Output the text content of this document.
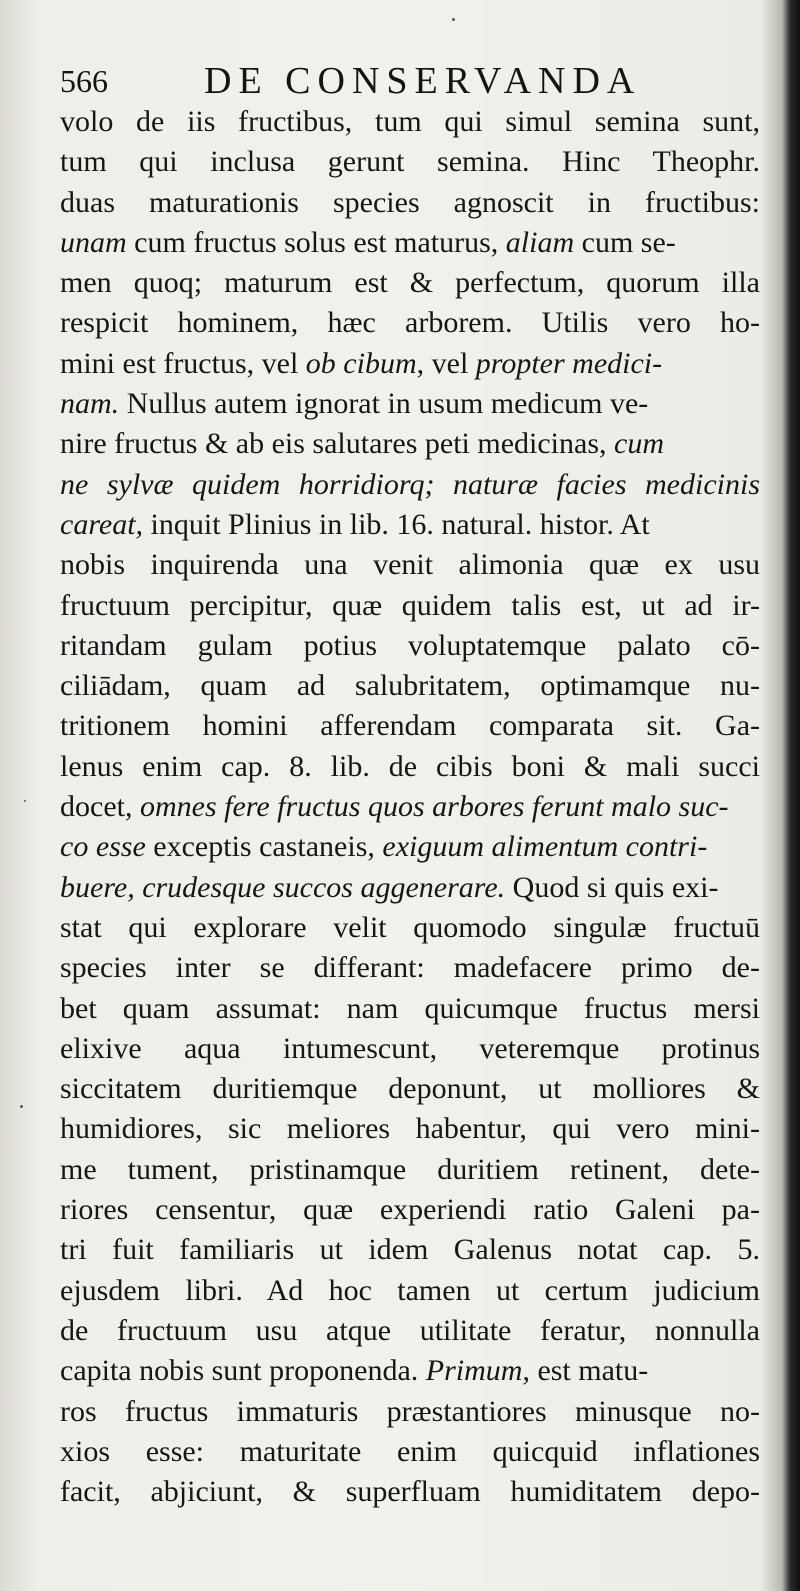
566	DE CONSERVANDA
volo de iis fructibus, tum qui simul semina sunt,
tum qui inclusa gerunt semina. Hinc Theophr.
duas maturationis species agnoscit in fructibus:
unam cum fructus solus est maturus, aliam cum se-
men quoq; maturum est & perfectum, quorum illa
respicit hominem, hæc arborem. Utilis vero ho-
mini est fructus, vel ob cibum , vel propter medici-
nam. Nullus autem ignorat in usum medicum ve-
nire fructus & ab eis salutares peti medicinas, cum
ne sylvæ quidem horridiorq; naturæ facies medicinis
careat, inquit Plinius in lib. 16. natural. histor. At
nobis inquirenda una venit alimonia quæ ex usu
fructuum percipitur, quæ quidem talis est, ut ad ir-
ritandam gulam potius voluptatemque palato cō-
ciliādam, quam ad salubritatem, optimamque nu-
tritionem homini afferendam comparata sit. Ga-
lenus enim cap. 8. lib. de cibis boni & mali succi
docet, omnes fere fructus quos arbores ferunt malo suc-
co esse exceptis castaneis, exiguum alimentum contri-
buere, crudesque succos aggenerare. Quod si quis exi-
stat qui explorare velit quomodo singulæ fructuū
species inter se differant: madefacere primo de-
bet quam assumat: nam quicumque fructus mersi
elixive aqua intumescunt, veteremque protinus
siccitatem duritiemque deponunt, ut molliores &
humidiores, sic meliores habentur, qui vero mini-
me tument, pristinamque duritiem retinent, dete-
riores censentur, quæ experiendi ratio Galeni pa-
tri fuit familiaris ut idem Galenus notat cap. 5.
ejusdem libri. Ad hoc tamen ut certum judicium
de fructuum usu atque utilitate feratur, nonnulla
capita nobis sunt proponenda. Primum, est matu-
ros fructus immaturis præstantiores minusque no-
xios esse: maturitate enim quicquid inflationes
facit, abjiciunt, & superfluam humiditatem depo-
